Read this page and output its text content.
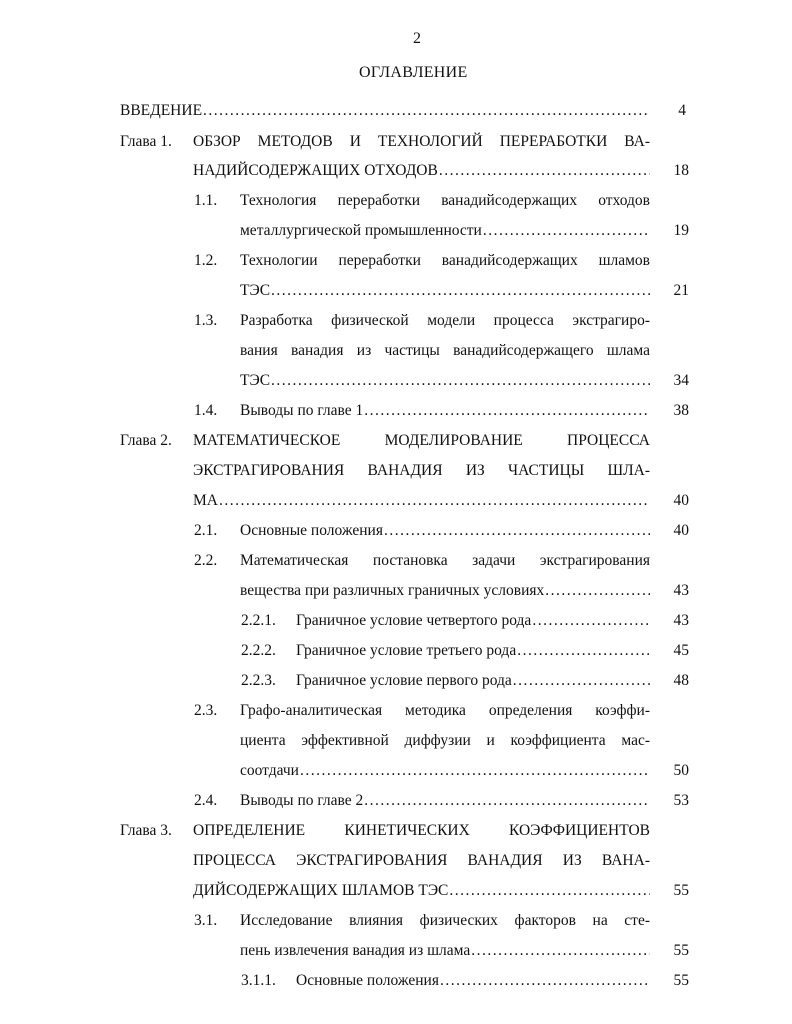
2
ОГЛАВЛЕНИЕ
ВВЕДЕНИЕ .....	4
Глава 1. ОБЗОР МЕТОДОВ И ТЕХНОЛОГИЙ ПЕРЕРАБОТКИ ВА-
НАДИЙСОДЕРЖАЩИХ ОТХОДОВ .....	18
1.1. Технология переработки ванадийсодержащих отходов
металлургической промышленности .....	19
1.2. Технологии переработки ванадийсодержащих шламов
ТЭС .....	21
1.3. Разработка физической модели процесса экстрагиро-
вания ванадия из частицы ванадийсодержащего шлама
ТЭС .....	34
1.4. Выводы по главе 1 .....	38
Глава 2. МАТЕМАТИЧЕСКОЕ МОДЕЛИРОВАНИЕ ПРОЦЕССА
ЭКСТРАГИРОВАНИЯ ВАНАДИЯ ИЗ ЧАСТИЦЫ ШЛА-
МА .....	40
2.1. Основные положения .....	40
2.2. Математическая постановка задачи экстрагирования
вещества при различных граничных условиях .....	43
2.2.1. Граничное условие четвертого рода .....	43
2.2.2. Граничное условие третьего рода .....	45
2.2.3. Граничное условие первого рода .....	48
2.3. Графо-аналитическая методика определения коэффи-
циента эффективной диффузии и коэффициента мас-
соотдачи .....	50
2.4. Выводы по главе 2 .....	53
Глава 3. ОПРЕДЕЛЕНИЕ КИНЕТИЧЕСКИХ КОЭФФИЦИЕНТОВ
ПРОЦЕССА ЭКСТРАГИРОВАНИЯ ВАНАДИЯ ИЗ ВАНА-
ДИЙСОДЕРЖАЩИХ ШЛАМОВ ТЭС .....	55
3.1. Исследование влияния физических факторов на сте-
пень извлечения ванадия из шлама .....	55
3.1.1. Основные положения .....	55
